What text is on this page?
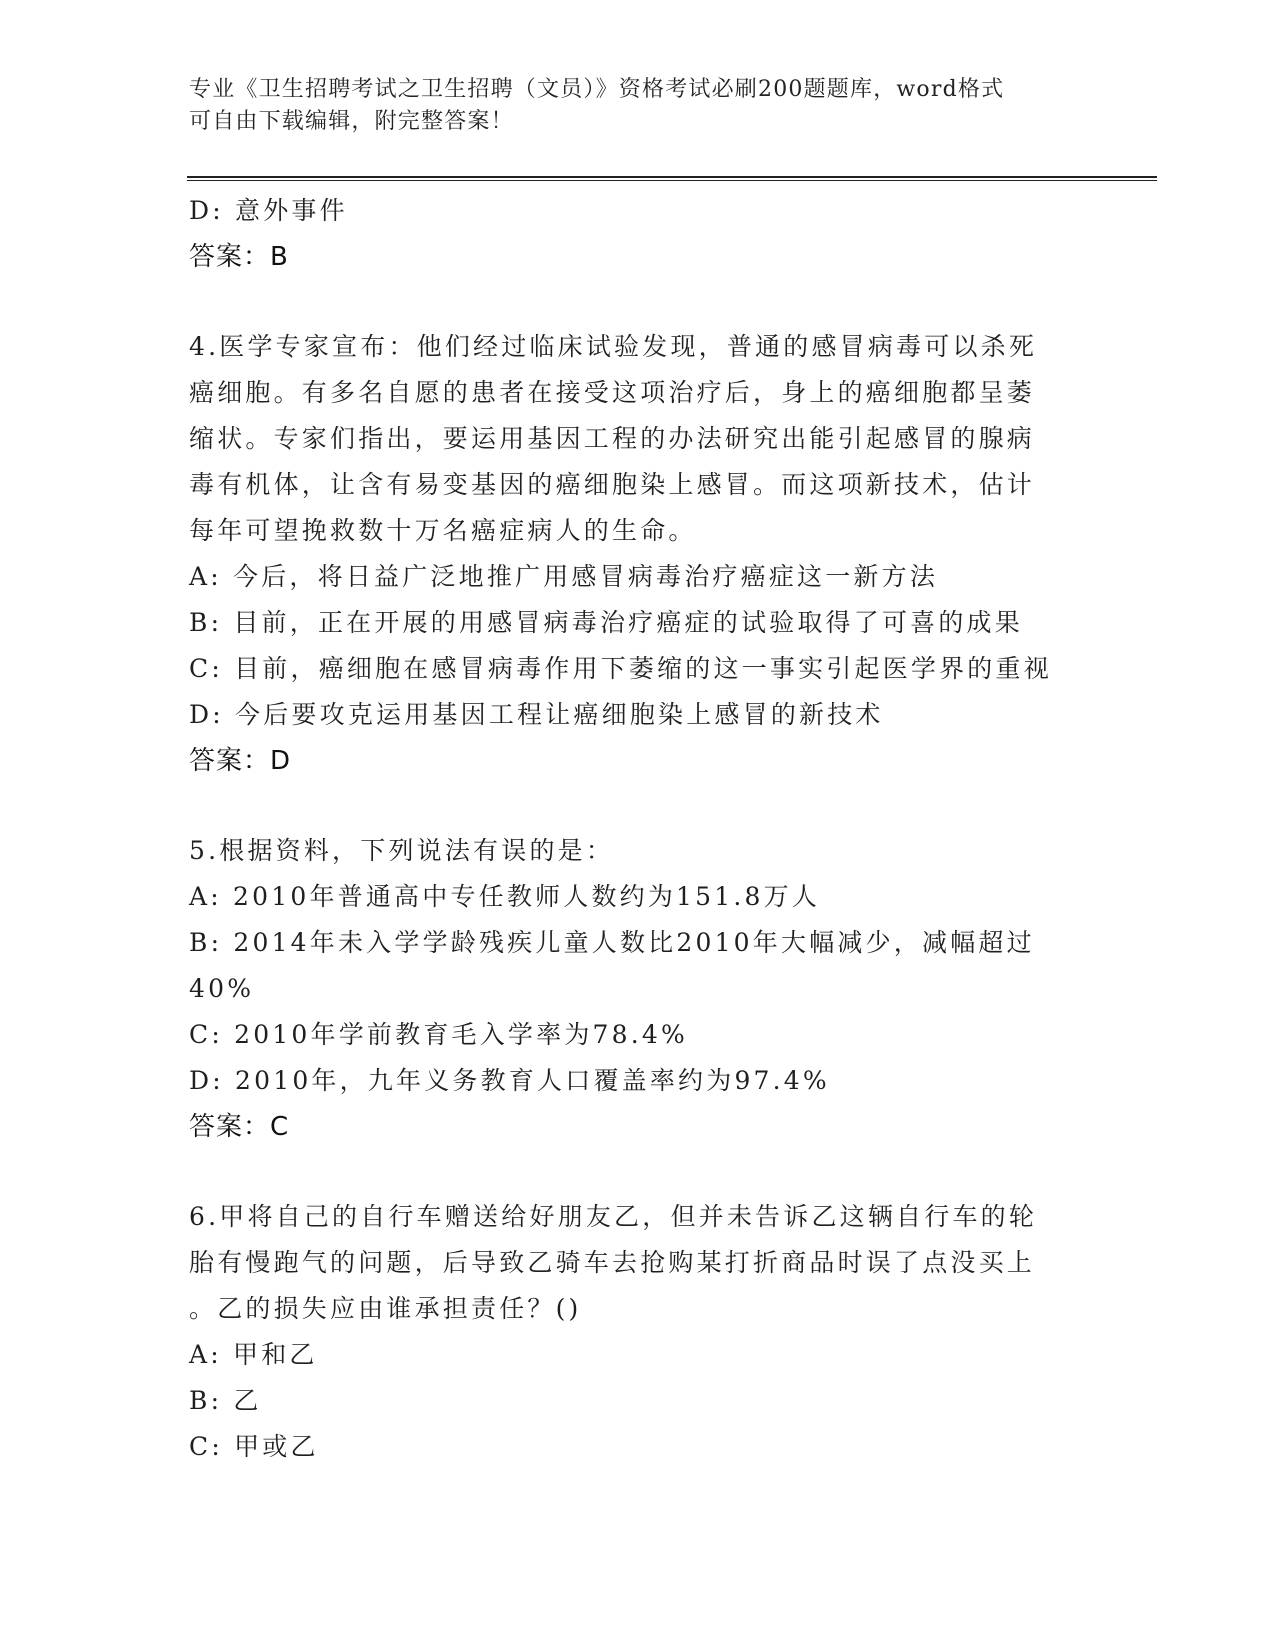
专业《卫生招聘考试之卫生招聘（文员）》资格考试必刷200题题库，word格式
可自由下载编辑，附完整答案！
D: 意外事件
答案：B
4.医学专家宣布：他们经过临床试验发现，普通的感冒病毒可以杀死
癌细胞。有多名自愿的患者在接受这项治疗后，身上的癌细胞都呈萎
缩状。专家们指出，要运用基因工程的办法研究出能引起感冒的腺病
毒有机体，让含有易变基因的癌细胞染上感冒。而这项新技术，估计
每年可望挽救数十万名癌症病人的生命。
A: 今后，将日益广泛地推广用感冒病毒治疗癌症这一新方法
B: 目前，正在开展的用感冒病毒治疗癌症的试验取得了可喜的成果
C: 目前，癌细胞在感冒病毒作用下萎缩的这一事实引起医学界的重视
D: 今后要攻克运用基因工程让癌细胞染上感冒的新技术
答案：D
5.根据资料，下列说法有误的是：
A: 2010年普通高中专任教师人数约为151.8万人
B: 2014年未入学学龄残疾儿童人数比2010年大幅减少，减幅超过
40%
C: 2010年学前教育毛入学率为78.4%
D: 2010年，九年义务教育人口覆盖率约为97.4%
答案：C
6.甲将自己的自行车赠送给好朋友乙，但并未告诉乙这辆自行车的轮
胎有慢跑气的问题，后导致乙骑车去抢购某打折商品时误了点没买上
。乙的损失应由谁承担责任？()
A: 甲和乙
B: 乙
C: 甲或乙
